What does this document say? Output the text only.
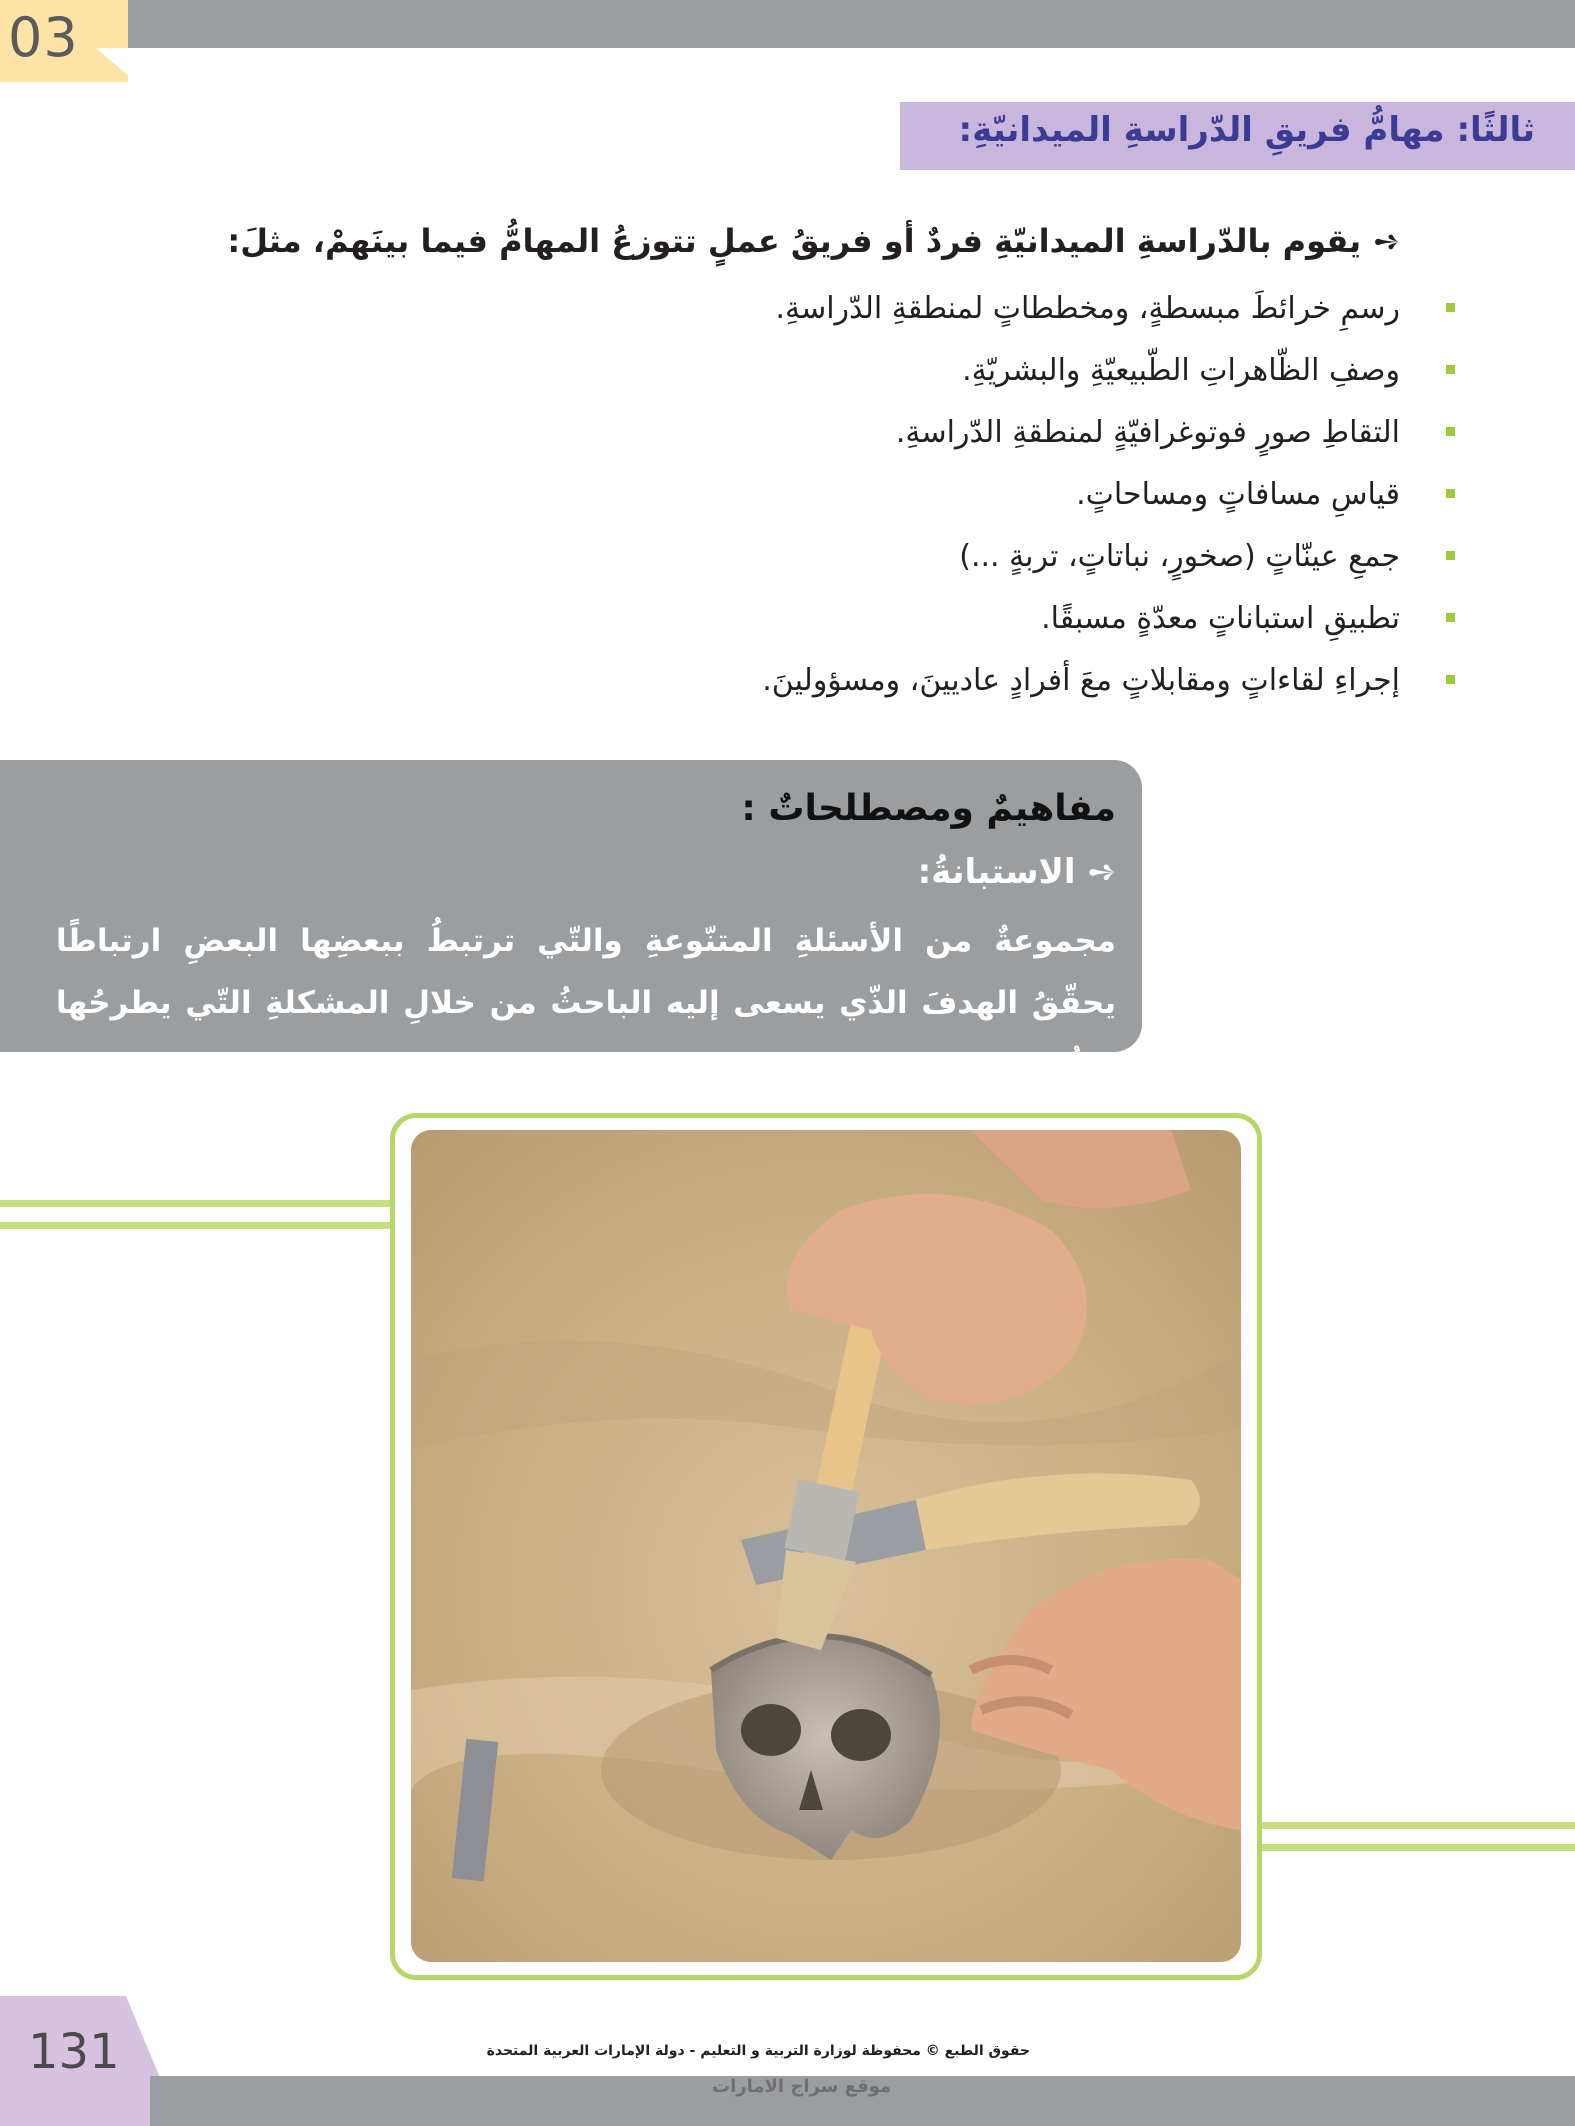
03
ثالثًا: مهامُّ فريقِ الدّراسةِ الميدانيّةِ:
➺يقوم بالدّراسةِ الميدانيّةِ فردٌ أو فريقُ عملٍ تتوزعُ المهامُّ فيما بينَهمْ، مثلَ:
رسمِ خرائطَ مبسطةٍ، ومخططاتٍ لمنطقةِ الدّراسةِ.
وصفِ الظّاهراتِ الطّبيعيّةِ والبشريّةِ.
التقاطِ صورٍ فوتوغرافيّةٍ لمنطقةِ الدّراسةِ.
قياسِ مسافاتٍ ومساحاتٍ.
جمعِ عينّاتٍ (صخورٍ، نباتاتٍ، تربةٍ ...)
تطبيقِ استباناتٍ معدّةٍ مسبقًا.
إجراءِ لقاءاتٍ ومقابلاتٍ معَ أفرادٍ عاديينَ، ومسؤولينَ.
مفاهيمٌ ومصطلحاتٌ :
➺الاستبانةُ:
مجموعةٌ من الأسئلةِ المتنّوعةِ والتّي ترتبطُ ببعضِها البعضِ ارتباطًا يحقّقُ الهدفَ الذّي يسعى إليه الباحثُ من خلالِ المشكلةِ التّي يطرحُها بحثُه.
131	حقوق الطبع © محفوظة لوزارة التربية و التعليم - دولة الإمارات العربية المتحدة
موقع سراج الامارات
